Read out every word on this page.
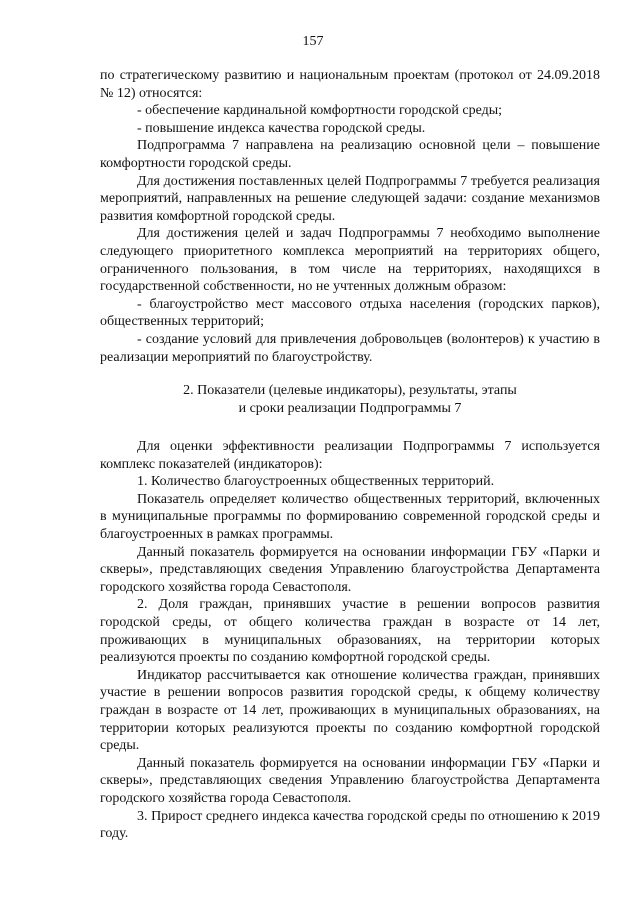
157

по стратегическому развитию и национальным проектам (протокол от 24.09.2018 № 12) относятся:

- обеспечение кардинальной комфортности городской среды;

- повышение индекса качества городской среды.

Подпрограмма 7 направлена на реализацию основной цели – повышение комфортности городской среды.

Для достижения поставленных целей Подпрограммы 7 требуется реализация мероприятий, направленных на решение следующей задачи: создание механизмов развития комфортной городской среды.

Для достижения целей и задач Подпрограммы 7 необходимо выполнение следующего приоритетного комплекса мероприятий на территориях общего, ограниченного пользования, в том числе на территориях, находящихся в государственной собственности, но не учтенных должным образом:

- благоустройство мест массового отдыха населения (городских парков), общественных территорий;

- создание условий для привлечения добровольцев (волонтеров) к участию в реализации мероприятий по благоустройству.

2. Показатели (целевые индикаторы), результаты, этапы
и сроки реализации Подпрограммы 7

Для оценки эффективности реализации Подпрограммы 7 используется комплекс показателей (индикаторов):

1. Количество благоустроенных общественных территорий.

Показатель определяет количество общественных территорий, включенных в муниципальные программы по формированию современной городской среды и благоустроенных в рамках программы.

Данный показатель формируется на основании информации ГБУ «Парки и скверы», представляющих сведения Управлению благоустройства Департамента городского хозяйства города Севастополя.

2. Доля граждан, принявших участие в решении вопросов развития городской среды, от общего количества граждан в возрасте от 14 лет, проживающих в муниципальных образованиях, на территории которых реализуются проекты по созданию комфортной городской среды.

Индикатор рассчитывается как отношение количества граждан, принявших участие в решении вопросов развития городской среды, к общему количеству граждан в возрасте от 14 лет, проживающих в муниципальных образованиях, на территории которых реализуются проекты по созданию комфортной городской среды.

Данный показатель формируется на основании информации ГБУ «Парки и скверы», представляющих сведения Управлению благоустройства Департамента городского хозяйства города Севастополя.

3. Прирост среднего индекса качества городской среды по отношению к 2019 году.
